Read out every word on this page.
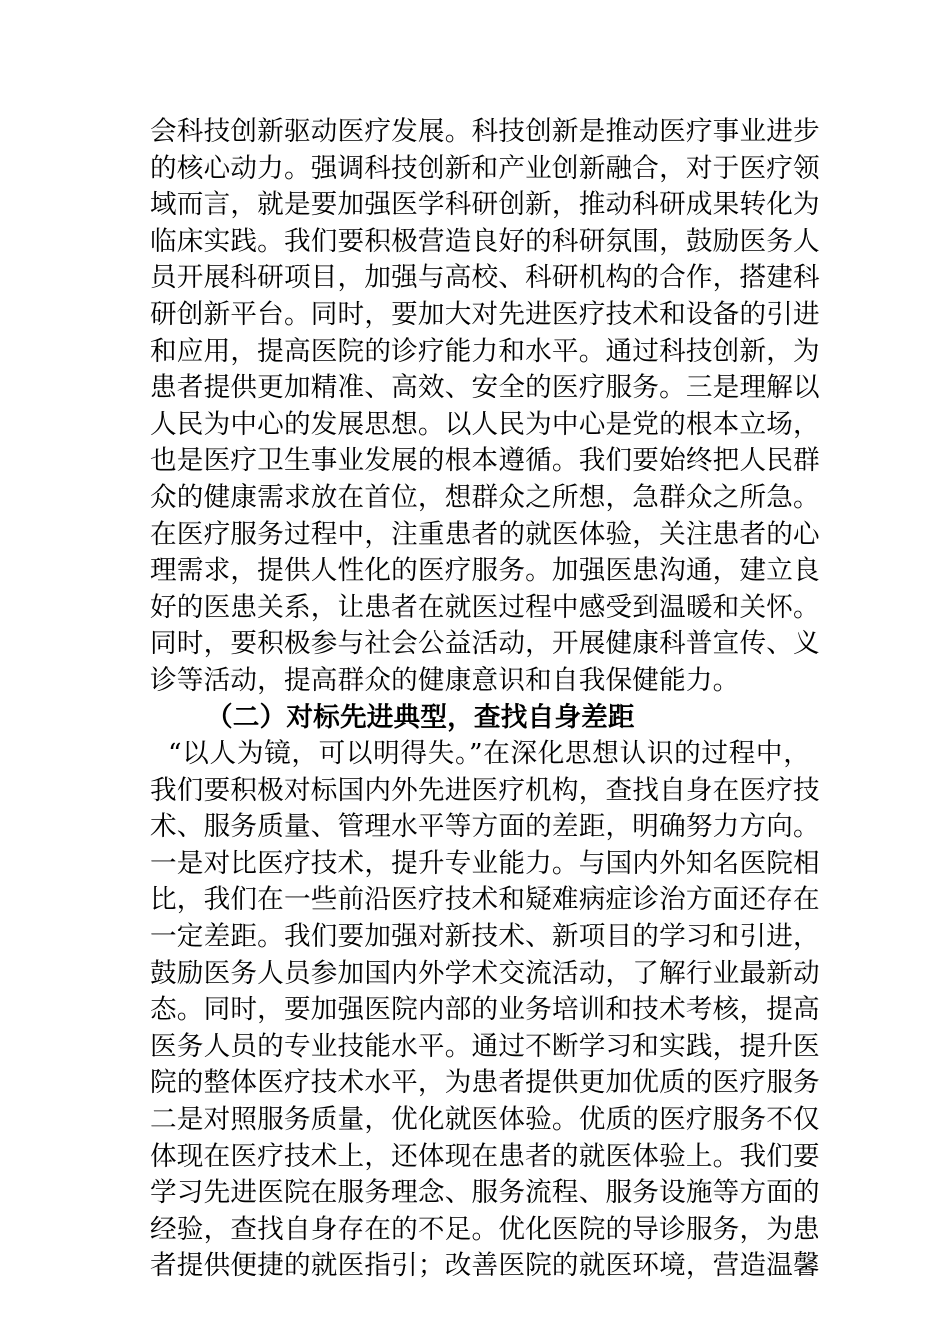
会科技创新驱动医疗发展。科技创新是推动医疗事业进步
的核心动力。强调科技创新和产业创新融合，对于医疗领
域而言，就是要加强医学科研创新，推动科研成果转化为
临床实践。我们要积极营造良好的科研氛围，鼓励医务人
员开展科研项目，加强与高校、科研机构的合作，搭建科
研创新平台。同时，要加大对先进医疗技术和设备的引进
和应用，提高医院的诊疗能力和水平。通过科技创新，为
患者提供更加精准、高效、安全的医疗服务。三是理解以
人民为中心的发展思想。以人民为中心是党的根本立场，
也是医疗卫生事业发展的根本遵循。我们要始终把人民群
众的健康需求放在首位，想群众之所想，急群众之所急。
在医疗服务过程中，注重患者的就医体验，关注患者的心
理需求，提供人性化的医疗服务。加强医患沟通，建立良
好的医患关系，让患者在就医过程中感受到温暖和关怀。
同时，要积极参与社会公益活动，开展健康科普宣传、义
诊等活动，提高群众的健康意识和自我保健能力。
（二）对标先进典型，查找自身差距
“以人为镜，可以明得失。”在深化思想认识的过程中，
我们要积极对标国内外先进医疗机构，查找自身在医疗技
术、服务质量、管理水平等方面的差距，明确努力方向。
一是对比医疗技术，提升专业能力。与国内外知名医院相
比，我们在一些前沿医疗技术和疑难病症诊治方面还存在
一定差距。我们要加强对新技术、新项目的学习和引进，
鼓励医务人员参加国内外学术交流活动，了解行业最新动
态。同时，要加强医院内部的业务培训和技术考核，提高
医务人员的专业技能水平。通过不断学习和实践，提升医
院的整体医疗技术水平，为患者提供更加优质的医疗服务
二是对照服务质量，优化就医体验。优质的医疗服务不仅
体现在医疗技术上，还体现在患者的就医体验上。我们要
学习先进医院在服务理念、服务流程、服务设施等方面的
经验，查找自身存在的不足。优化医院的导诊服务，为患
者提供便捷的就医指引；改善医院的就医环境，营造温馨
